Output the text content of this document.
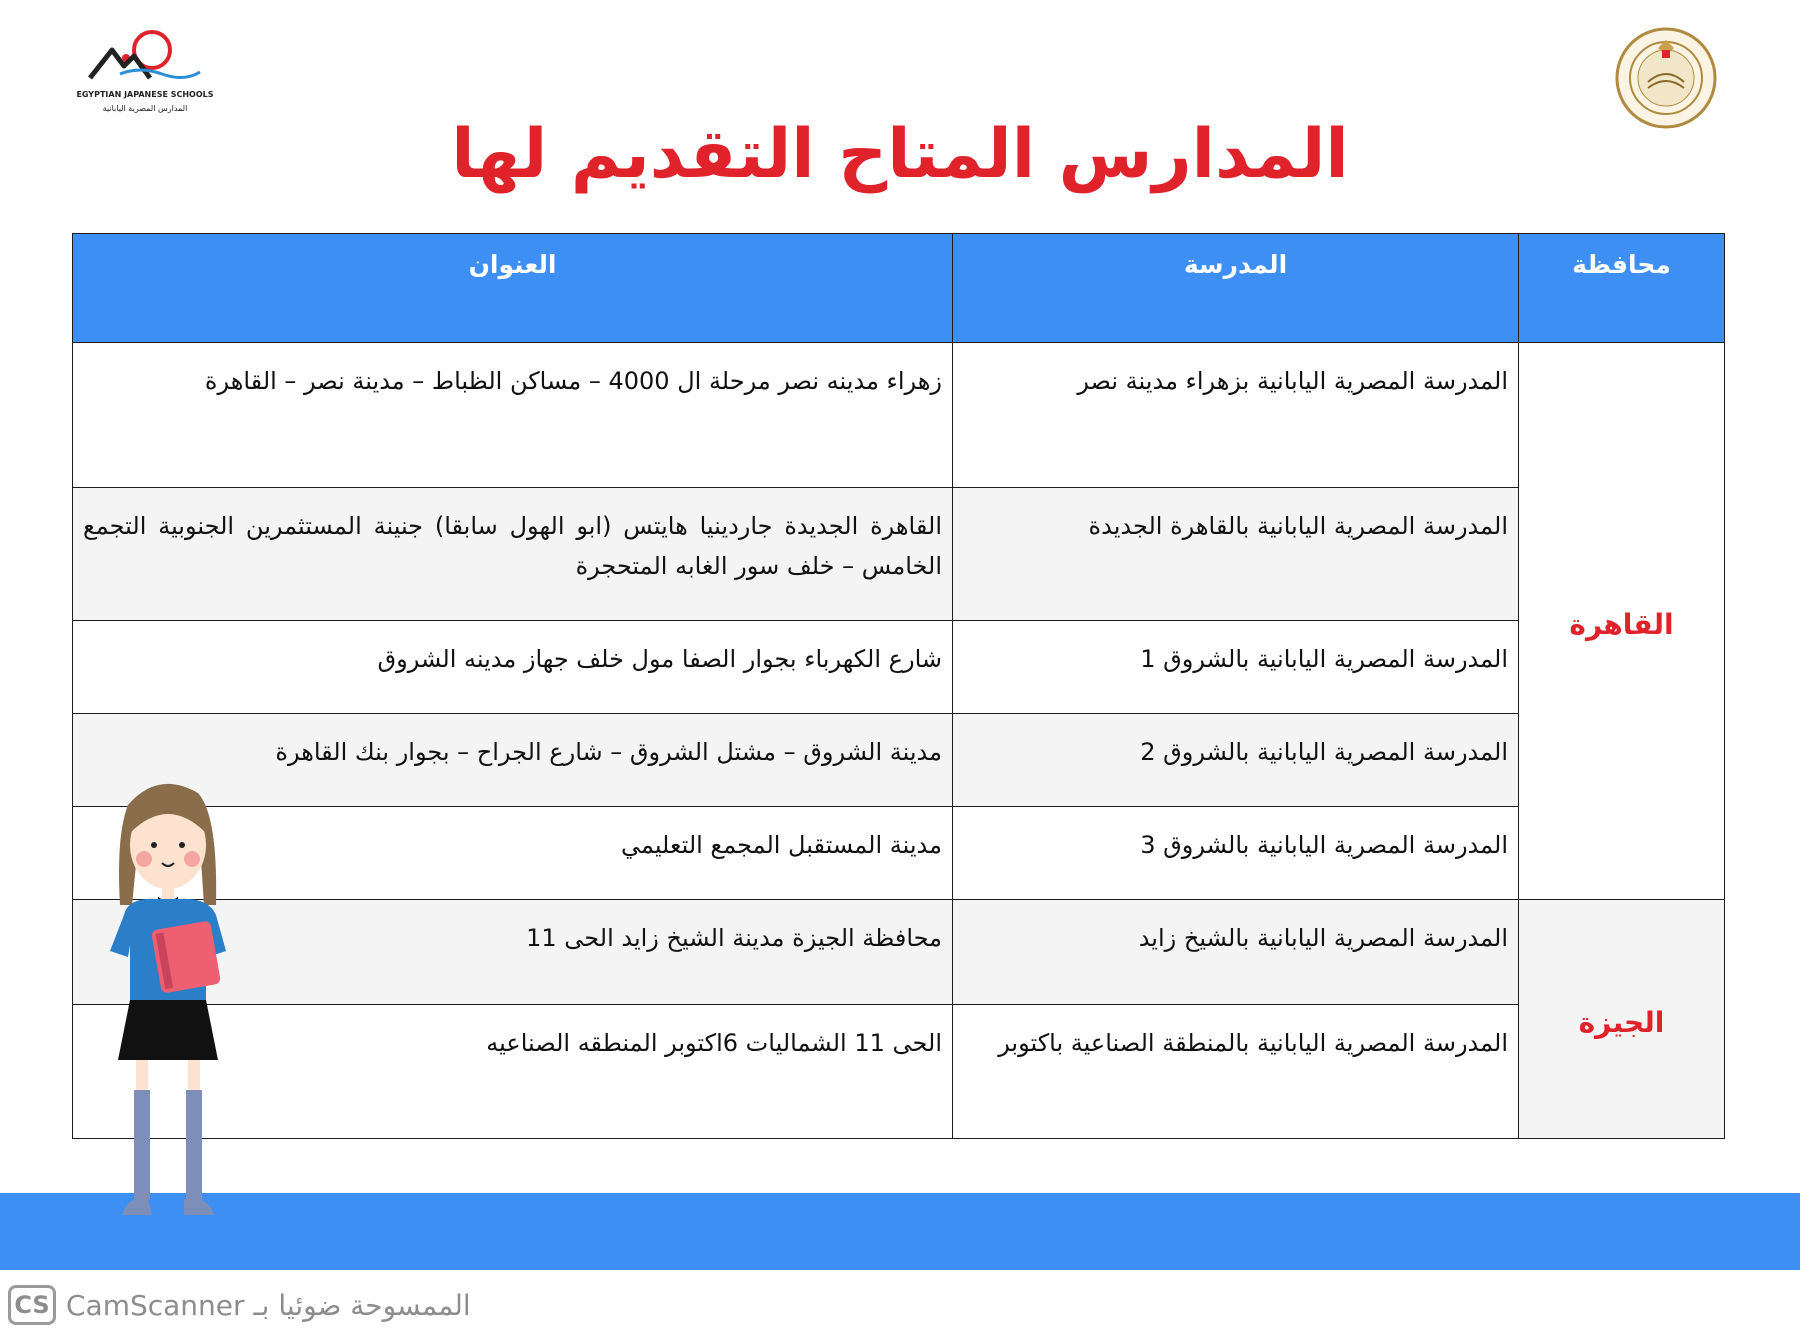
EGYPTIAN JAPANESE SCHOOLS
المدارس المصرية اليابانية
المدارس المتاح التقديم لها
محافظة	المدرسة	العنوان
القاهرة	المدرسة المصرية اليابانية بزهراء مدينة نصر	زهراء مدينه نصر مرحلة ال 4000 – مساكن الظباط – مدينة نصر – القاهرة
	المدرسة المصرية اليابانية بالقاهرة الجديدة	القاهرة الجديدة جاردينيا هايتس (ابو الهول سابقا) جنينة المستثمرين الجنوبية التجمع الخامس – خلف سور الغابه المتحجرة
	المدرسة المصرية اليابانية بالشروق 1	شارع الكهرباء بجوار الصفا مول خلف جهاز مدينه الشروق
	المدرسة المصرية اليابانية بالشروق 2	مدينة الشروق – مشتل الشروق – شارع الجراح – بجوار بنك القاهرة
	المدرسة المصرية اليابانية بالشروق 3	مدينة المستقبل المجمع التعليمي
الجيزة	المدرسة المصرية اليابانية بالشيخ زايد	محافظة الجيزة مدينة الشيخ زايد الحى 11
	المدرسة المصرية اليابانية بالمنطقة الصناعية باكتوبر	الحى 11 الشماليات 6اكتوبر المنطقه الصناعيه
CS الممسوحة ضوئيا بـ CamScanner
